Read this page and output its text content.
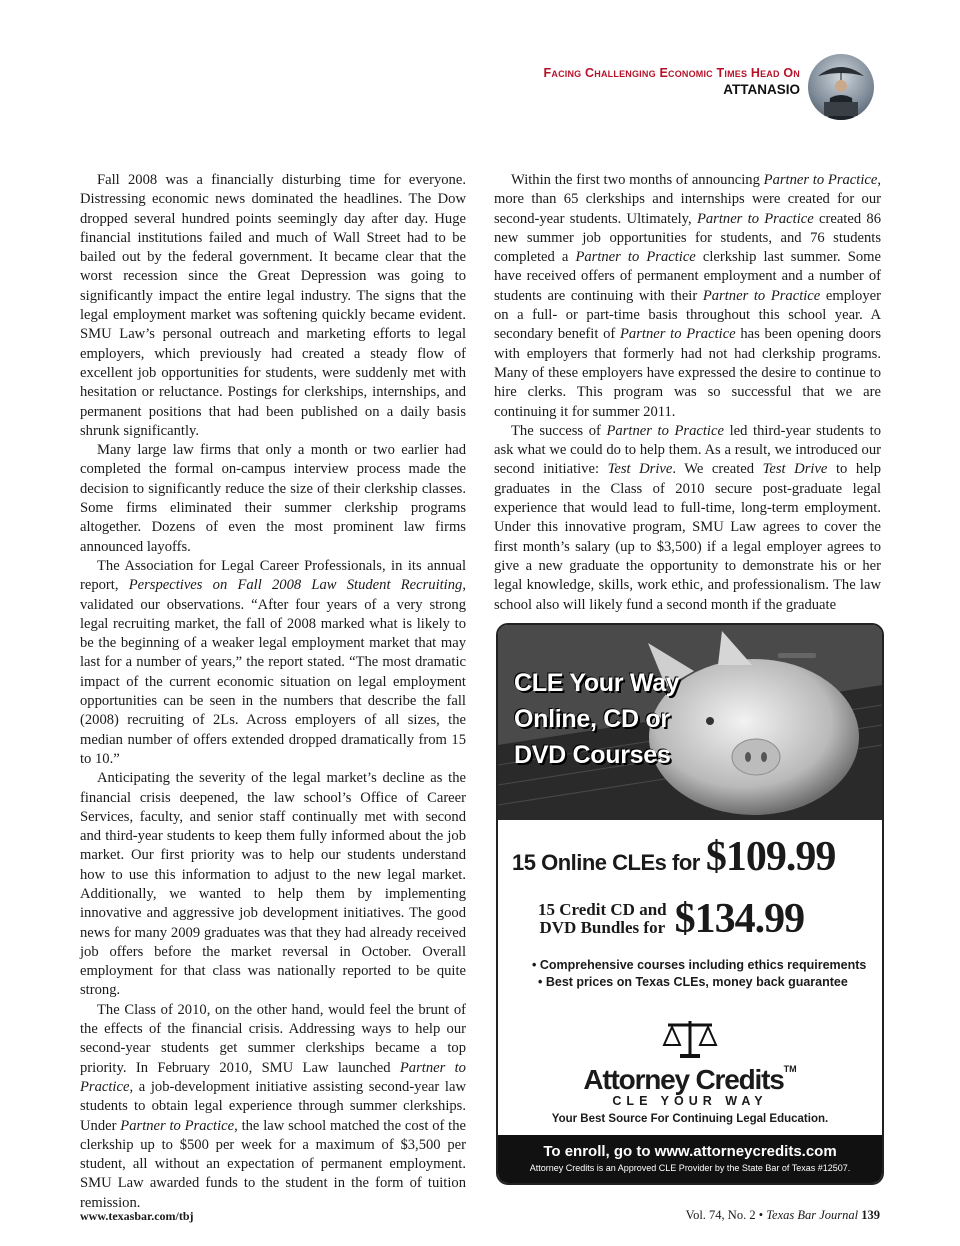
Facing Challenging Economic Times Head On
ATTANASIO

Fall 2008 was a financially disturbing time for everyone. Distressing economic news dominated the headlines. The Dow dropped several hundred points seemingly day after day. Huge financial institutions failed and much of Wall Street had to be bailed out by the federal government. It became clear that the worst recession since the Great Depression was going to significantly impact the entire legal industry. The signs that the legal employment market was softening quickly became evident. SMU Law’s personal outreach and marketing efforts to legal employers, which previously had created a steady flow of excellent job opportunities for students, were suddenly met with hesitation or reluctance. Postings for clerkships, internships, and permanent positions that had been published on a daily basis shrunk significantly.

Many large law firms that only a month or two earlier had completed the formal on-campus interview process made the decision to significantly reduce the size of their clerkship classes. Some firms eliminated their summer clerkship programs altogether. Dozens of even the most prominent law firms announced layoffs.

The Association for Legal Career Professionals, in its annual report, Perspectives on Fall 2008 Law Student Recruiting, validated our observations. “After four years of a very strong legal recruiting market, the fall of 2008 marked what is likely to be the beginning of a weaker legal employment market that may last for a number of years,” the report stated. “The most dramatic impact of the current economic situation on legal employment opportunities can be seen in the numbers that describe the fall (2008) recruiting of 2Ls. Across employers of all sizes, the median number of offers extended dropped dramatically from 15 to 10.”

Anticipating the severity of the legal market’s decline as the financial crisis deepened, the law school’s Office of Career Services, faculty, and senior staff continually met with second and third-year students to keep them fully informed about the job market. Our first priority was to help our students understand how to use this information to adjust to the new legal market. Additionally, we wanted to help them by implementing innovative and aggressive job development initiatives. The good news for many 2009 graduates was that they had already received job offers before the market reversal in October. Overall employment for that class was nationally reported to be quite strong.

The Class of 2010, on the other hand, would feel the brunt of the effects of the financial crisis. Addressing ways to help our second-year students get summer clerkships became a top priority. In February 2010, SMU Law launched Partner to Practice, a job-development initiative assisting second-year law students to obtain legal experience through summer clerkships. Under Partner to Practice, the law school matched the cost of the clerkship up to $500 per week for a maximum of $3,500 per student, all without an expectation of permanent employment. SMU Law awarded funds to the student in the form of tuition remission.

Within the first two months of announcing Partner to Practice, more than 65 clerkships and internships were created for our second-year students. Ultimately, Partner to Practice created 86 new summer job opportunities for students, and 76 students completed a Partner to Practice clerkship last summer. Some have received offers of permanent employment and a number of students are continuing with their Partner to Practice employer on a full- or part-time basis throughout this school year. A secondary benefit of Partner to Practice has been opening doors with employers that formerly had not had clerkship programs. Many of these employers have expressed the desire to continue to hire clerks. This program was so successful that we are continuing it for summer 2011.

The success of Partner to Practice led third-year students to ask what we could do to help them. As a result, we introduced our second initiative: Test Drive. We created Test Drive to help graduates in the Class of 2010 secure post-graduate legal experience that would lead to full-time, long-term employment. Under this innovative program, SMU Law agrees to cover the first month’s salary (up to $3,500) if a legal employer agrees to give a new graduate the opportunity to demonstrate his or her legal knowledge, skills, work ethic, and professionalism. The law school also will likely fund a second month if the graduate

CLE Your Way
Online, CD or
DVD Courses
15 Online CLEs for $109.99
15 Credit CD and
DVD Bundles for $134.99
• Comprehensive courses including ethics requirements
• Best prices on Texas CLEs, money back guarantee
Attorney Credits™
CLE YOUR WAY
Your Best Source For Continuing Legal Education.
To enroll, go to www.attorneycredits.com
Attorney Credits is an Approved CLE Provider by the State Bar of Texas #12507.
www.texasbar.com/tbj	Vol. 74, No. 2 • Texas Bar Journal 139
